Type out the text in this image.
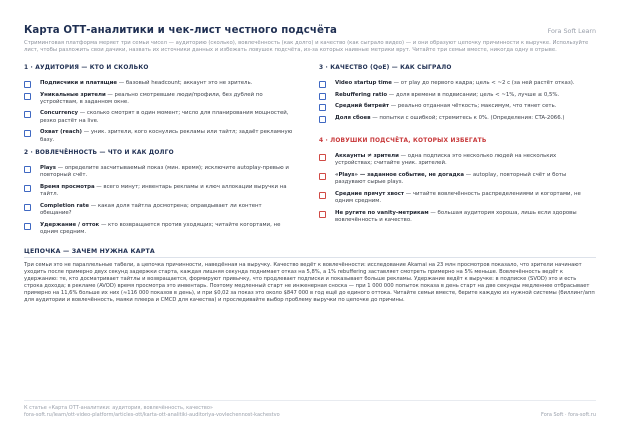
Карта ОТТ-аналитики и чек-лист честного подсчёта	Fora Soft Learn
Стриминговая платформа меряет три семьи чисел — аудиторию (сколько), вовлечённость (как долго) и качество (как сыграло видео) — и они образуют цепочку причинности к выручке. Используйте лист, чтобы разложить свои дачики, назвать их источники данных и избежать ловушек подсчёта, из-за которых наивные метрики врут. Читайте три семьи вместе, никогда одну в отрыве.
1 · АУДИТОРИЯ — КТО И СКОЛЬКО
Подписчики и платящие — базовый headcount; аккаунт это не зритель.
Уникальные зрители — реально смотревшие люди/профили, без дублей по устройствам, в заданном окне.
Concurrency — сколько смотрят в один момент; число для планирования мощностей, резко растёт на live.
Охват (reach) — уник. зрители, кого коснулись рекламы или тайтл; задаёт рекламную базу.
2 · ВОВЛЕЧЁННОСТЬ — ЧТО И КАК ДОЛГО
Plays — определите засчитываемый показ (мин. время); исключите autoplay-превью и повторный счёт.
Время просмотра — всего минут; инвентарь рекламы и ключ аллокации выручки на тайтл.
Completion rate — какая доля тайтла досмотрена; оправдывает ли контент обещание?
Удержание / отток — кто возвращается против уходящих; читайте когортами, не одним средним.
3 · КАЧЕСТВО (QoE) — КАК СЫГРАЛО
Video startup time — от play до первого кадра; цель < ~2 с (за ней растёт отказ).
Rebuffering ratio — доля времени в подвисании; цель < ~1%, лучше ≤ 0,5%.
Средний битрейт — реально отданная чёткость; максимум, что тянет сеть.
Доля сбоев — попытки с ошибкой; стремитесь к 0%. (Определения: CTA-2066.)
4 · ЛОВУШКИ ПОДСЧЁТА, КОТОРЫХ ИЗБЕГАТЬ
Аккаунты ≠ зрители — одна подписка это несколько людей на нескольких устройствах; считайте уник. зрителей.
«Plays» — заданное событие, не догадка — autoplay, повторный счёт и боты раздувают сырые plays.
Средние прячут хвост — читайте вовлечённость распределениями и когортами, не одним средним.
Не ругите по vanity-метрикам — большая аудитория хороша, лишь если здоровы вовлечённость и качество.
ЦЕПОЧКА — ЗАЧЕМ НУЖНА КАРТА
Три семьи это не параллельные табели, а цепочка причинности, наведённая на выручку. Качество ведёт к вовлечённости: исследование Akamai на 23 млн просмотров показало, что зрители начинают уходить после примерно двух секунд задержки старта, каждая лишняя секунда поднимает отказ на 5,8%, а 1% rebuffering заставляет смотреть примерно на 5% меньше. Вовлечённость ведёт к удержанию: те, кто досматривает тайтлы и возвращается, формируют привычку, что продлевает подписки и показывает больше рекламы. Удержание ведёт к выручке: в подписке (SVOD) это и есть строка дохода; в рекламе (AVOD) время просмотра это инвентарь. Поэтому медленный старт не инженерная сноска — при 1 000 000 попыток показа в день старт на две секунды медленнее отбрасывает примерно на 11,6% больше их них (≈116 000 показов в день), и при $0,02 за показ это около $847 000 в год ещё до единого оттока. Читайте семьи вместе, берите каждую из нужной системы (биллинг/апп для аудитории и вовлечённость, маяки плеера и CMCD для качества) и проследивайте выбор проблему выручки по цепочке до причины.
К статье «Карта ОТТ-аналитики: аудитория, вовлечённость, качество»
fora-soft.ru/learn/ott-video-platform/articles-ott/karta-ott-analitiki-auditoriya-vovlechennost-kachestvo	Fora Soft · fora-soft.ru
